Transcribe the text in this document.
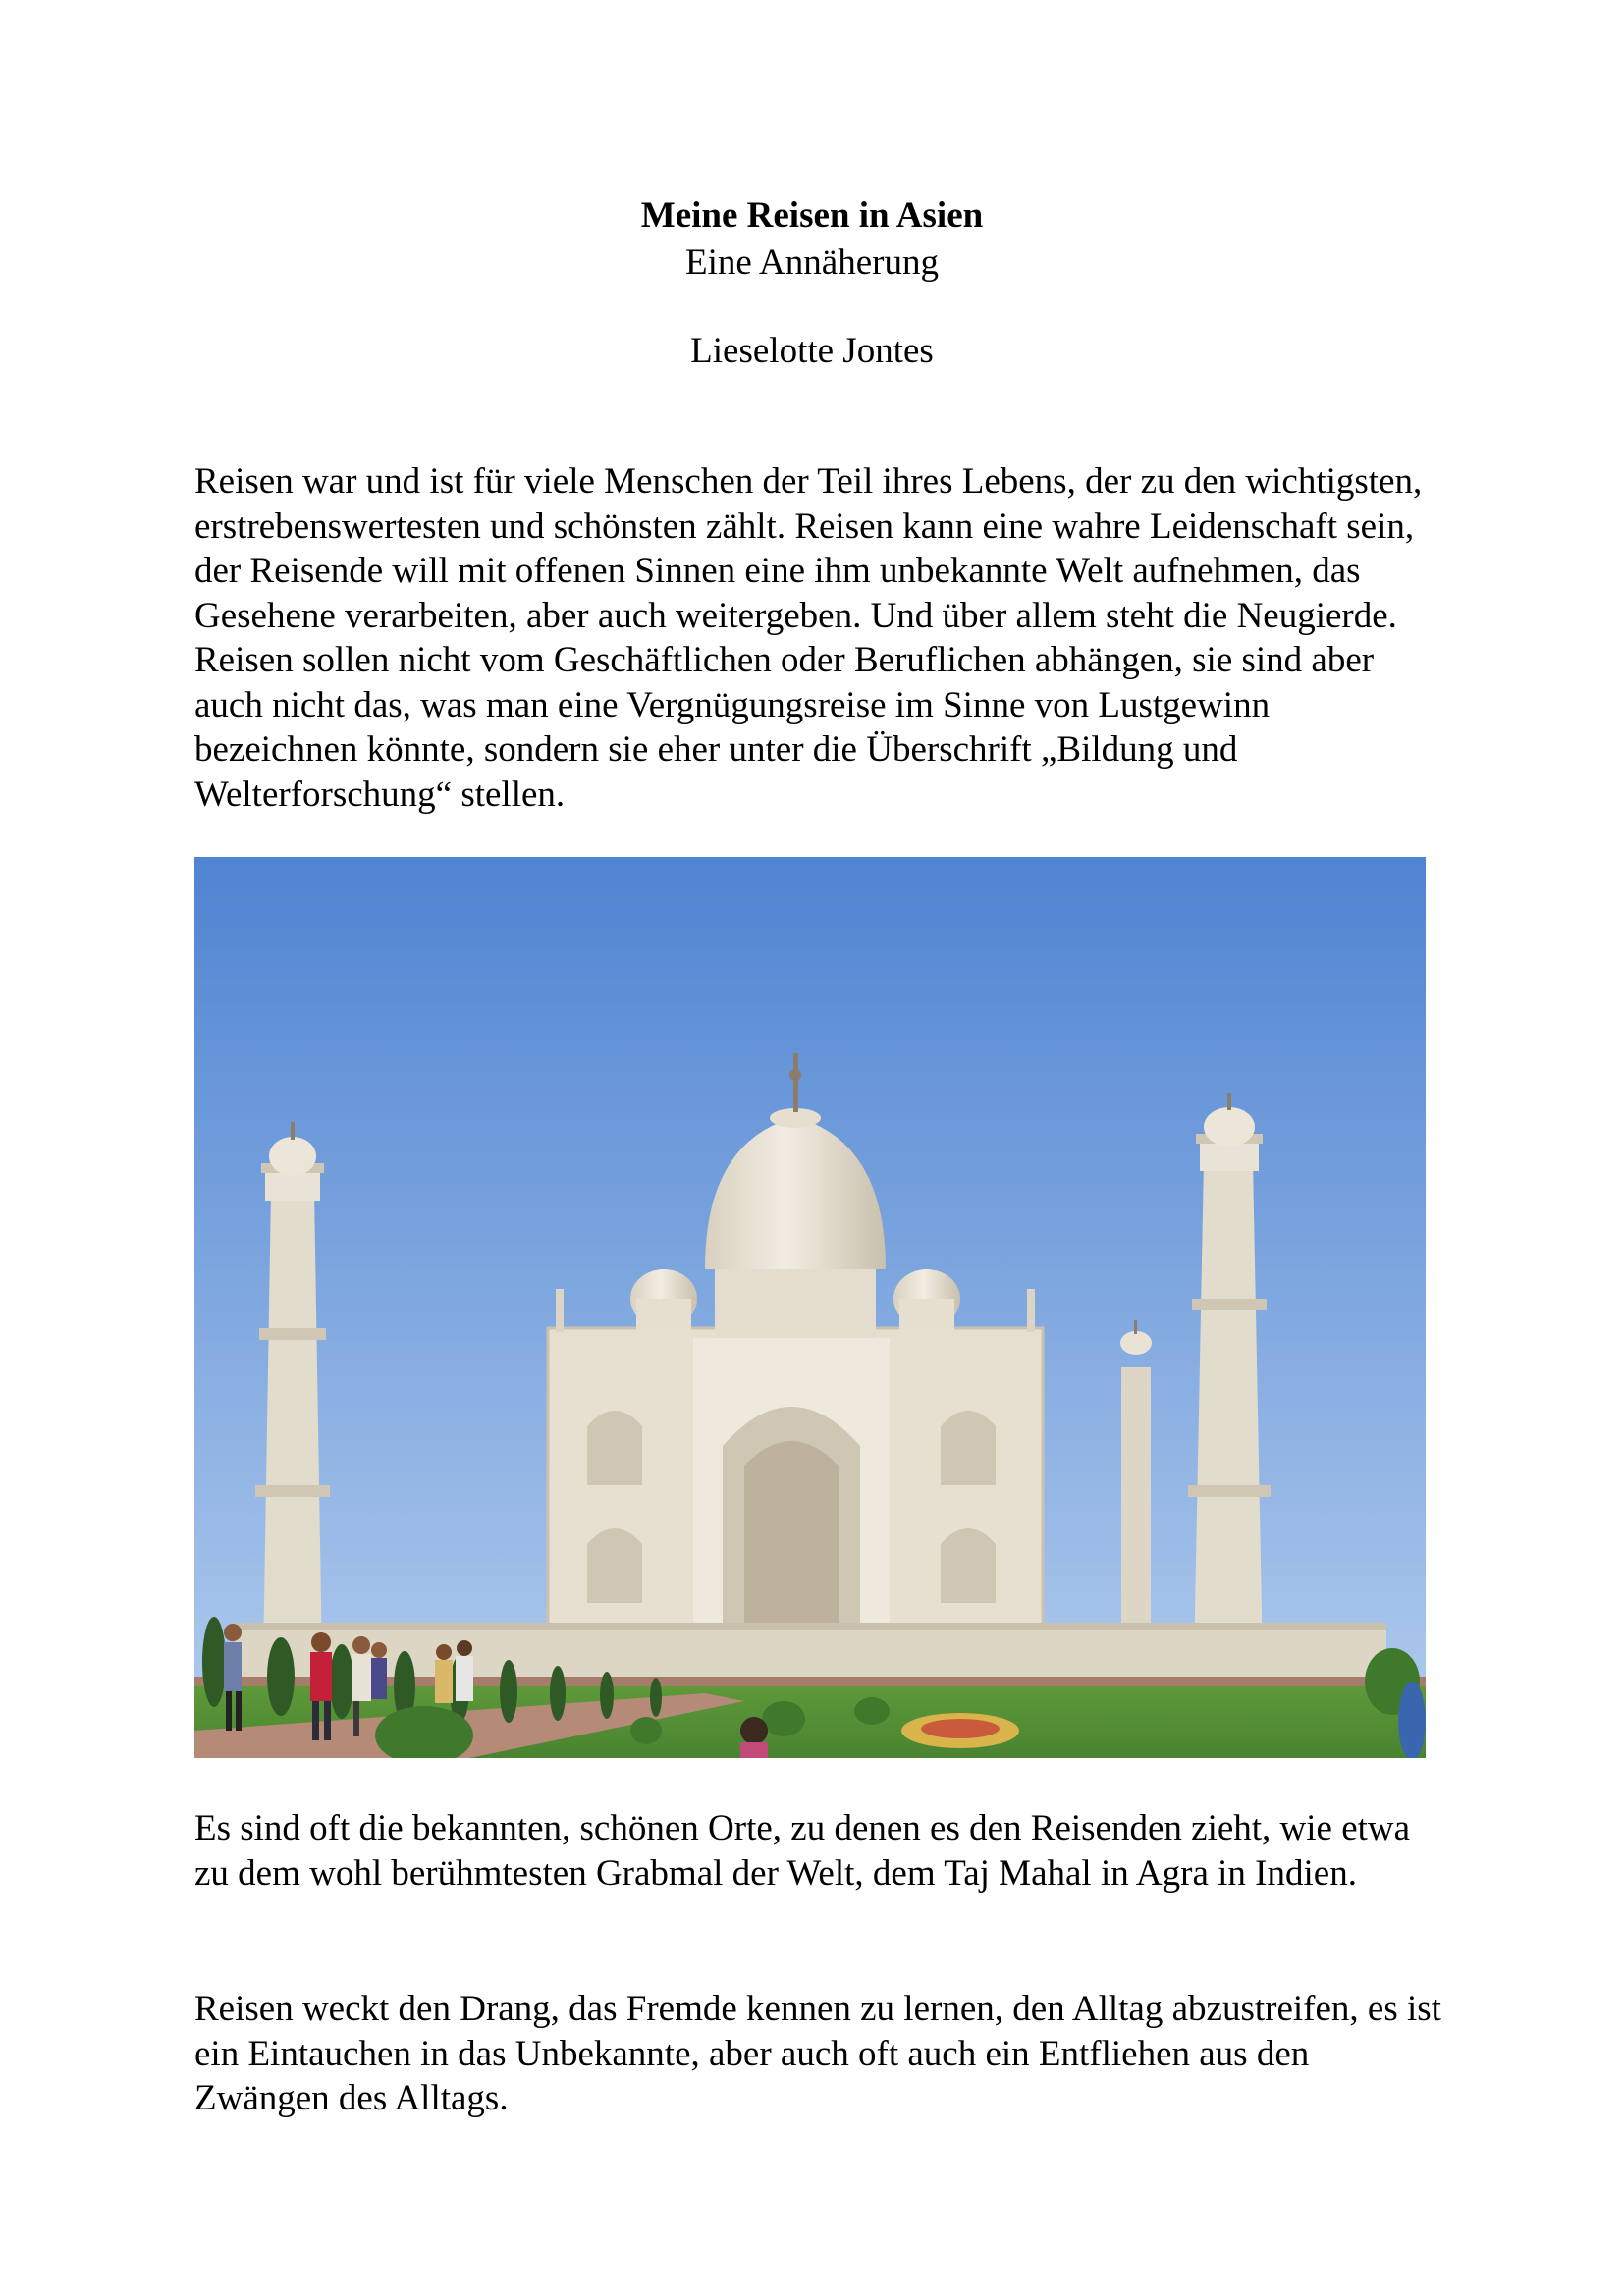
Meine Reisen in Asien
Eine Annäherung
Lieselotte Jontes

Reisen war und ist für viele Menschen der Teil ihres Lebens, der zu den wichtigsten, erstrebenswertesten und schönsten zählt. Reisen kann eine wahre Leidenschaft sein, der Reisende will mit offenen Sinnen eine ihm unbekannte Welt aufnehmen, das Gesehene verarbeiten, aber auch weitergeben. Und über allem steht die Neugierde. Reisen sollen nicht vom Geschäftlichen oder Beruflichen abhängen, sie sind aber auch nicht das, was man eine Vergnügungsreise im Sinne von Lustgewinn bezeichnen könnte, sondern sie eher unter die Überschrift „Bildung und Welterforschung“ stellen.

Es sind oft die bekannten, schönen Orte, zu denen es den Reisenden zieht, wie etwa zu dem wohl berühmtesten Grabmal der Welt, dem Taj Mahal in Agra in Indien.

Reisen weckt den Drang, das Fremde kennen zu lernen, den Alltag abzustreifen, es ist ein Eintauchen in das Unbekannte, aber auch oft auch ein Entfliehen aus den Zwängen des Alltags.
